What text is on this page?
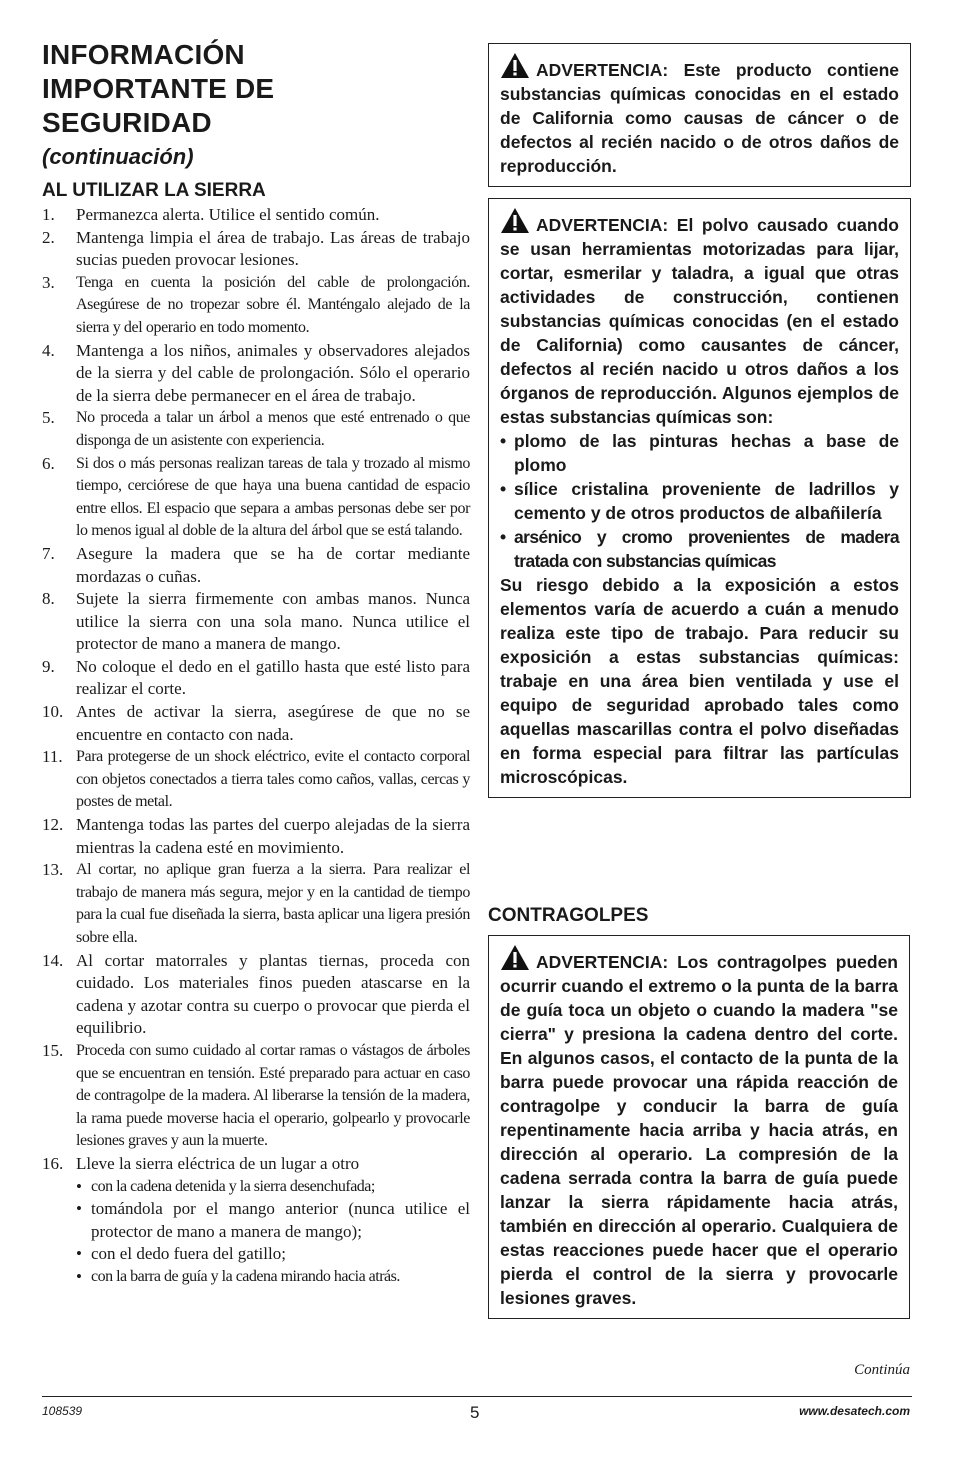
INFORMACIÓN
IMPORTANTE DE
SEGURIDAD
(continuación)
AL UTILIZAR LA SIERRA
1.	Permanezca alerta. Utilice el sentido común.
2.	Mantenga limpia el área de trabajo. Las áreas de trabajo sucias pueden provocar lesiones.
3.	Tenga en cuenta la posición del cable de prolongación. Asegúrese de no tropezar sobre él. Manténgalo alejado de la sierra y del operario en todo momento.
4.	Mantenga a los niños, animales y observadores alejados de la sierra y del cable de prolongación. Sólo el operario de la sierra debe permanecer en el área de trabajo.
5.	No proceda a talar un árbol a menos que esté entrenado o que disponga de un asistente con experiencia.
6.	Si dos o más personas realizan tareas de tala y trozado al mismo tiempo, cerciórese de que haya una buena cantidad de espacio entre ellos. El espacio que separa a ambas personas debe ser por lo menos igual al doble de la altura del árbol que se está talando.
7.	Asegure la madera que se ha de cortar mediante mordazas o cuñas.
8.	Sujete la sierra firmemente con ambas manos. Nunca utilice la sierra con una sola mano. Nunca utilice el protector de mano a manera de mango.
9.	No coloque el dedo en el gatillo hasta que esté listo para realizar el corte.
10. Antes de activar la sierra, asegúrese de que no se encuentre en contacto con nada.
11. Para protegerse de un shock eléctrico, evite el contacto corporal con objetos conectados a tierra tales como caños, vallas, cercas y postes de metal.
12. Mantenga todas las partes del cuerpo alejadas de la sierra mientras la cadena esté en movimiento.
13. Al cortar, no aplique gran fuerza a la sierra. Para realizar el trabajo de manera más segura, mejor y en la cantidad de tiempo para la cual fue diseñada la sierra, basta aplicar una ligera presión sobre ella.
14. Al cortar matorrales y plantas tiernas, proceda con cuidado. Los materiales finos pueden atascarse en la cadena y azotar contra su cuerpo o provocar que pierda el equilibrio.
15. Proceda con sumo cuidado al cortar ramas o vástagos de árboles que se encuentran en tensión. Esté preparado para actuar en caso de contragolpe de la madera. Al liberarse la tensión de la madera, la rama puede moverse hacia el operario, golpearlo y provocarle lesiones graves y aun la muerte.
16. Lleve la sierra eléctrica de un lugar a otro
• con la cadena detenida y la sierra desenchufada;
• tomándola por el mango anterior (nunca utilice el protector de mano a manera de mango);
• con el dedo fuera del gatillo;
• con la barra de guía y la cadena mirando hacia atrás.

ADVERTENCIA: Este producto contiene substancias químicas conocidas en el estado de California como causas de cáncer o de defectos al recién nacido o de otros daños de reproducción.

ADVERTENCIA: El polvo causado cuando se usan herramientas motorizadas para lijar, cortar, esmerilar y taladra, a igual que otras actividades de construcción, contienen substancias químicas conocidas (en el estado de California) como causantes de cáncer, defectos al recién nacido u otros daños a los órganos de reproducción. Algunos ejemplos de estas substancias químicas son:

• plomo de las pinturas hechas a base de plomo
• sílice cristalina proveniente de ladrillos y cemento y de otros productos de albañilería
• arsénico y cromo provenientes de madera tratada con substancias químicas

Su riesgo debido a la exposición a estos elementos varía de acuerdo a cuán a menudo realiza este tipo de trabajo. Para reducir su exposición a estas substancias químicas: trabaje en una área bien ventilada y use el equipo de seguridad aprobado tales como aquellas mascarillas contra el polvo diseñadas en forma especial para filtrar las partículas microscópicas.

CONTRAGOLPES

ADVERTENCIA: Los contragolpes pueden ocurrir cuando el extremo o la punta de la barra de guía toca un objeto o cuando la madera "se cierra" y presiona la cadena dentro del corte. En algunos casos, el contacto de la punta de la barra puede provocar una rápida reacción de contragolpe y conducir la barra de guía repentinamente hacia arriba y hacia atrás, en dirección al operario. La compresión de la cadena serrada contra la barra de guía puede lanzar la sierra rápidamente hacia atrás, también en dirección al operario. Cualquiera de estas reacciones puede hacer que el operario pierda el control de la sierra y provocarle lesiones graves.

Continúa
108539	5	www.desatech.com
